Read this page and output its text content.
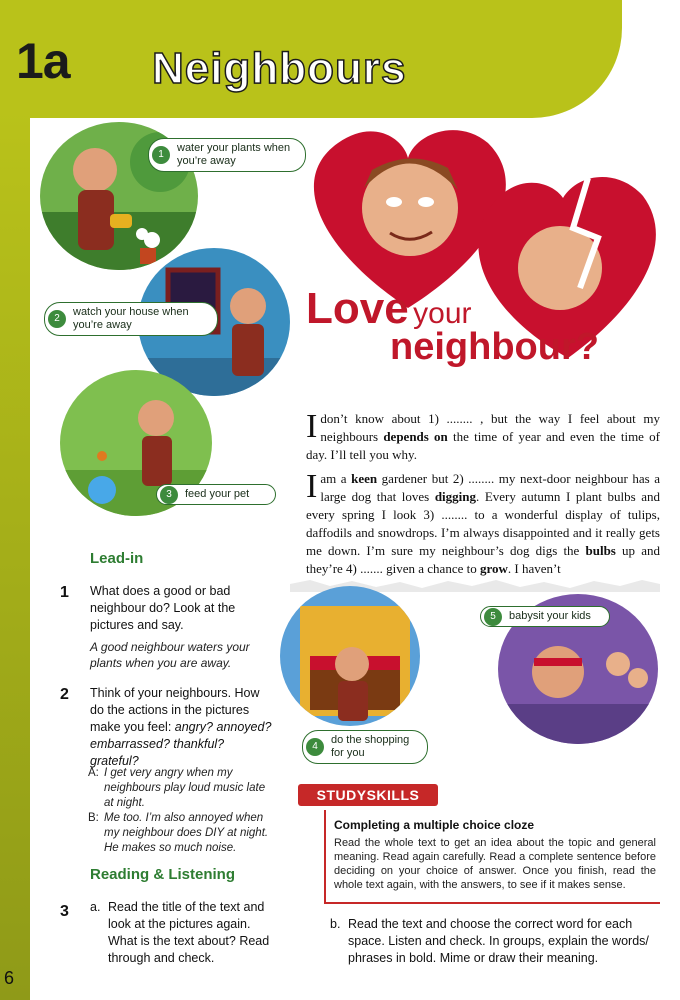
1a Neighbours
1
water your plants when you’re away
2
watch your house when you’re away
3	feed your pet
Lead-in
1 What does a good or bad neighbour do? Look at the pictures and say.
A good neighbour waters your plants when you are away.
2 Think of your neighbours. How do the actions in the pictures make you feel: angry? annoyed? embarrassed? thankful? grateful?
A: I get very angry when my neighbours play loud music late at night.
B: Me too. I’m also annoyed when my neighbour does DIY at night. He makes so much noise.
Reading & Listening
3 a. Read the title of the text and look at the pictures again. What is the text about? Read through and check.
6
Love your
neighbour?
Idon’t know about 1) ........ , but the way I feel about my neighbours depends on the time of year and even the time of day. I’ll tell you why.
Iam a keen gardener but 2) ........ my next-door neighbour has a large dog that loves digging. Every autumn I plant bulbs and every spring I look 3) ........ to a wonderful display of tulips, daffodils and snowdrops. I’m always disappointed and it really gets me down. I’m sure my neighbour’s dog digs the bulbs up and they’re 4) ....... given a chance to grow. I haven’t
4
do the shopping for you
5	babysit your kids
STUDYSKILLS
Completing a multiple choice cloze
Read the whole text to get an idea about the topic and general meaning. Read again carefully. Read a complete sentence before deciding on your choice of answer. Once you finish, read the whole text again, with the answers, to see if it makes sense.
b. Read the text and choose the correct word for each space. Listen and check. In groups, explain the words/ phrases in bold. Mime or draw their meaning.
